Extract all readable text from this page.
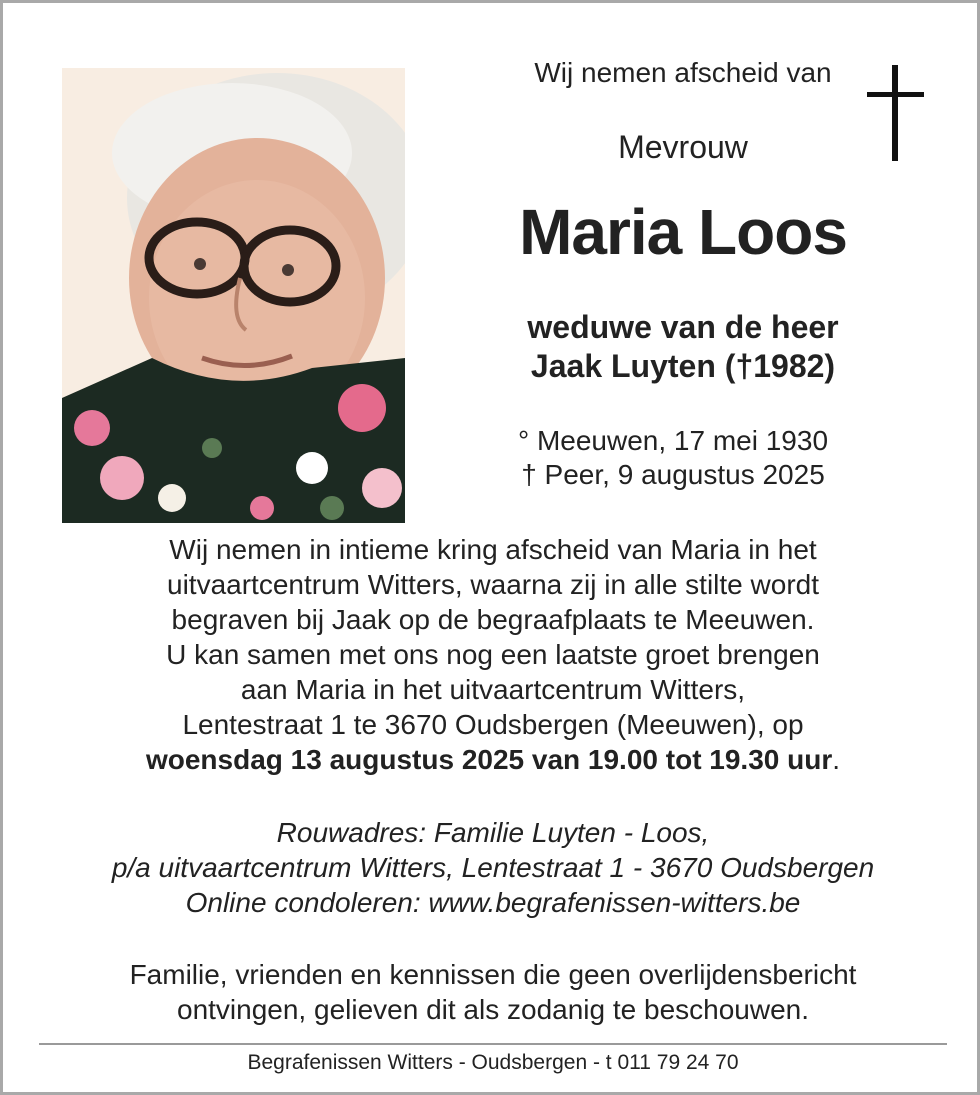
Wij nemen afscheid van
Mevrouw
Maria Loos
weduwe van de heer
Jaak Luyten (†1982)
° Meeuwen, 17 mei 1930
† Peer, 9 augustus 2025
Wij nemen in intieme kring afscheid van Maria in het
uitvaartcentrum Witters, waarna zij in alle stilte wordt
begraven bij Jaak op de begraafplaats te Meeuwen.
U kan samen met ons nog een laatste groet brengen
aan Maria in het uitvaartcentrum Witters,
Lentestraat 1 te 3670 Oudsbergen (Meeuwen), op
woensdag 13 augustus 2025 van 19.00 tot 19.30 uur.
Rouwadres: Familie Luyten - Loos,
p/a uitvaartcentrum Witters, Lentestraat 1 - 3670 Oudsbergen
Online condoleren: www.begrafenissen-witters.be
Familie, vrienden en kennissen die geen overlijdensbericht
ontvingen, gelieven dit als zodanig te beschouwen.
Begrafenissen Witters - Oudsbergen - t 011 79 24 70
